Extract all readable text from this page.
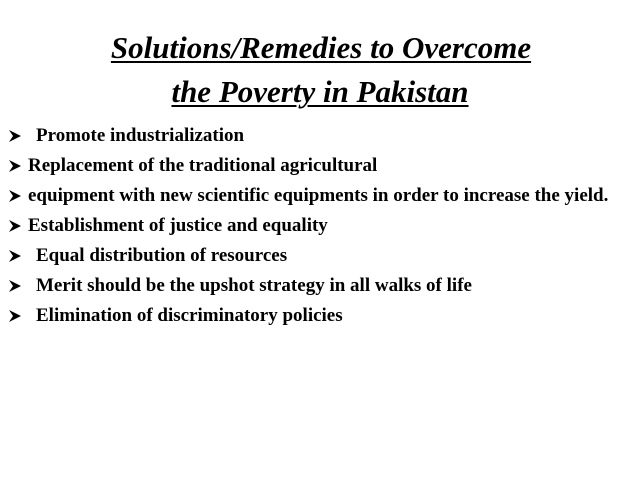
Solutions/Remedies to Overcome
the Poverty in Pakistan
Promote industrialization
Replacement of the traditional agricultural
equipment with new scientific equipments in order to increase the yield.
Establishment of justice and equality
Equal distribution of resources
Merit should be the upshot strategy in all walks of life
Elimination of discriminatory policies
